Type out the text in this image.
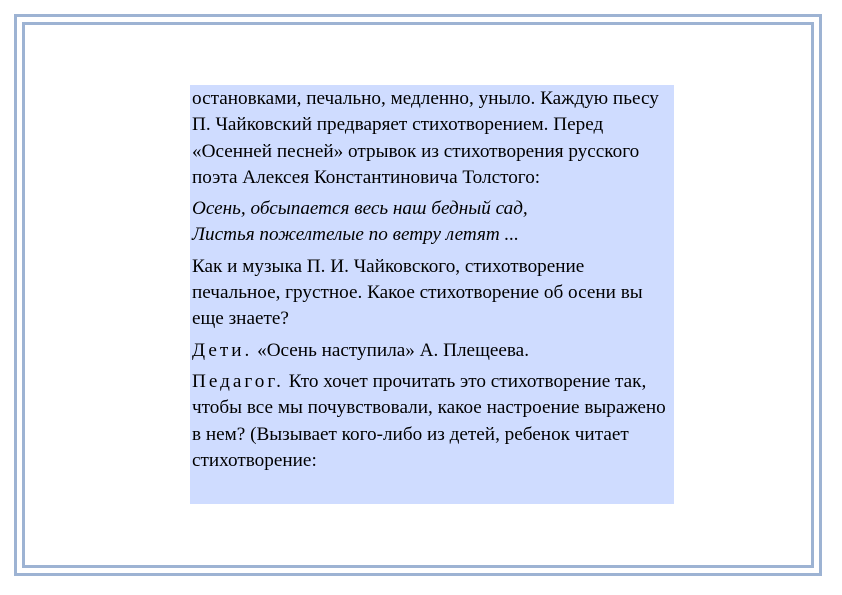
остановками, печально, медленно, уныло. Каждую пьесу П. Чайковский предваряет стихотворением. Перед «Осенней песней» отрывок из стихотворения русского поэта Алексея Константиновича Толстого:

Осень, обсыпается весь наш бедный сад,
Листья пожелтелые по ветру летят ...

Как и музыка П. И. Чайковского, стихотворение печальное, грустное. Какое стихотворение об осени вы еще знаете?

Дети. «Осень наступила» А. Плещеева.

Педагог. Кто хочет прочитать это стихотворение так, чтобы все мы почувствовали, какое настроение выражено в нем? (Вызывает кого-либо из детей, ребенок читает стихотворение:
